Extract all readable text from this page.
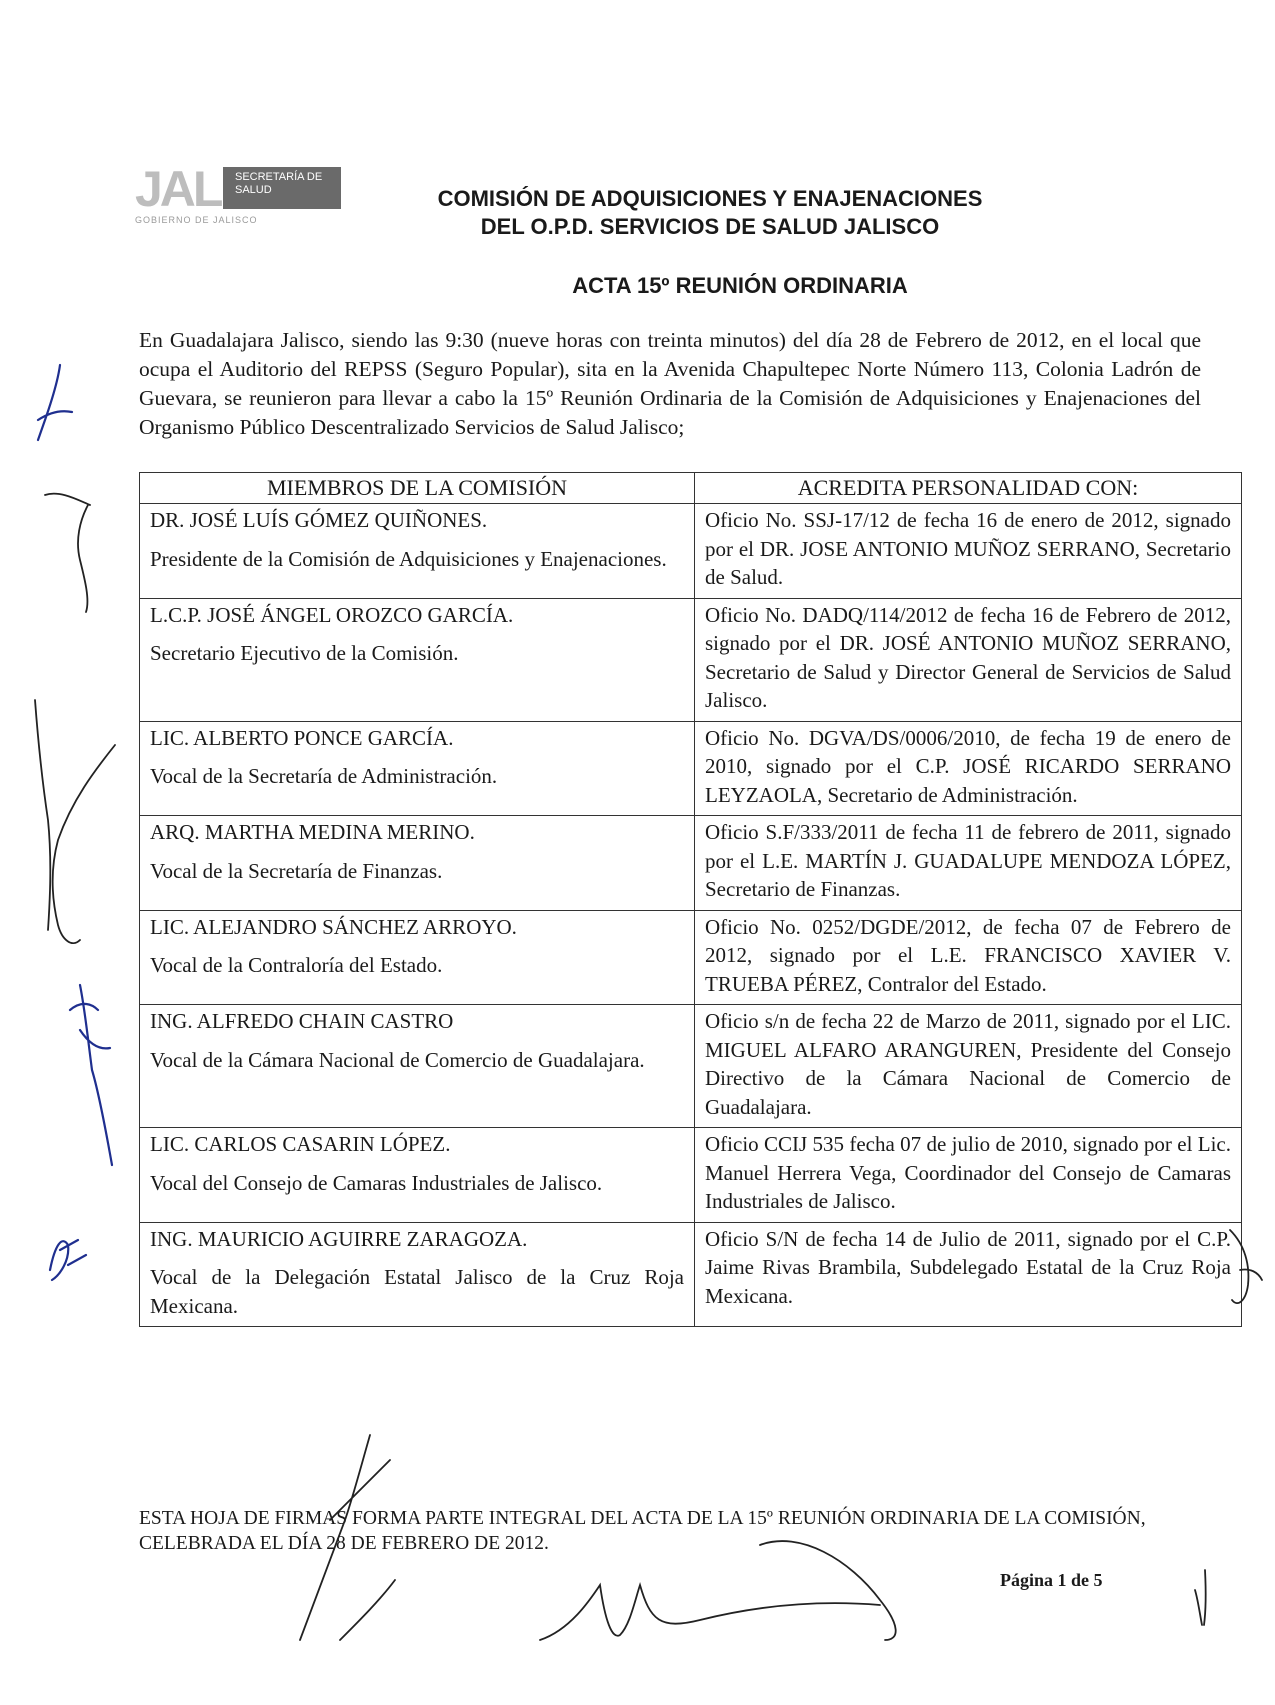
JAL SECRETARÍA DE
SALUD
GOBIERNO DE JALISCO
COMISIÓN DE ADQUISICIONES Y ENAJENACIONES
DEL O.P.D. SERVICIOS DE SALUD JALISCO
ACTA 15º REUNIÓN ORDINARIA
En Guadalajara Jalisco, siendo las 9:30 (nueve horas con treinta minutos) del día 28 de Febrero de 2012, en el local que ocupa el Auditorio del REPSS (Seguro Popular), sita en la Avenida Chapultepec Norte Número 113, Colonia Ladrón de Guevara, se reunieron para llevar a cabo la 15º Reunión Ordinaria de la Comisión de Adquisiciones y Enajenaciones del Organismo Público Descentralizado Servicios de Salud Jalisco;
MIEMBROS DE LA COMISIÓN	ACREDITA PERSONALIDAD CON:

DR. JOSÉ LUÍS GÓMEZ QUIÑONES.
Presidente de la Comisión de Adquisiciones y Enajenaciones.	Oficio No. SSJ-17/12 de fecha 16 de enero de 2012, signado por el DR. JOSE ANTONIO MUÑOZ SERRANO, Secretario de Salud.

L.C.P. JOSÉ ÁNGEL OROZCO GARCÍA.
Secretario Ejecutivo de la Comisión.	Oficio No. DADQ/114/2012 de fecha 16 de Febrero de 2012, signado por el DR. JOSÉ ANTONIO MUÑOZ SERRANO, Secretario de Salud y Director General de Servicios de Salud Jalisco.

LIC. ALBERTO PONCE GARCÍA.
Vocal de la Secretaría de Administración.	Oficio No. DGVA/DS/0006/2010, de fecha 19 de enero de 2010, signado por el C.P. JOSÉ RICARDO SERRANO LEYZAOLA, Secretario de Administración.

ARQ. MARTHA MEDINA MERINO.
Vocal de la Secretaría de Finanzas.	Oficio S.F/333/2011 de fecha 11 de febrero de 2011, signado por el L.E. MARTÍN J. GUADALUPE MENDOZA LÓPEZ, Secretario de Finanzas.

LIC. ALEJANDRO SÁNCHEZ ARROYO.
Vocal de la Contraloría del Estado.	Oficio No. 0252/DGDE/2012, de fecha 07 de Febrero de 2012, signado por el L.E. FRANCISCO XAVIER V. TRUEBA PÉREZ, Contralor del Estado.

ING. ALFREDO CHAIN CASTRO
Vocal de la Cámara Nacional de Comercio de Guadalajara.	Oficio s/n de fecha 22 de Marzo de 2011, signado por el LIC. MIGUEL ALFARO ARANGUREN, Presidente del Consejo Directivo de la Cámara Nacional de Comercio de Guadalajara.

LIC. CARLOS CASARIN LÓPEZ.
Vocal del Consejo de Camaras Industriales de Jalisco.	Oficio CCIJ 535 fecha 07 de julio de 2010, signado por el Lic. Manuel Herrera Vega, Coordinador del Consejo de Camaras Industriales de Jalisco.

ING. MAURICIO AGUIRRE ZARAGOZA.
Vocal de la Delegación Estatal Jalisco de la Cruz Roja Mexicana.	Oficio S/N de fecha 14 de Julio de 2011, signado por el C.P. Jaime Rivas Brambila, Subdelegado Estatal de la Cruz Roja Mexicana.
ESTA HOJA DE FIRMAS FORMA PARTE INTEGRAL DEL ACTA DE LA 15º REUNIÓN ORDINARIA DE LA COMISIÓN, CELEBRADA EL DÍA 28 DE FEBRERO DE 2012.
Página 1 de 5
